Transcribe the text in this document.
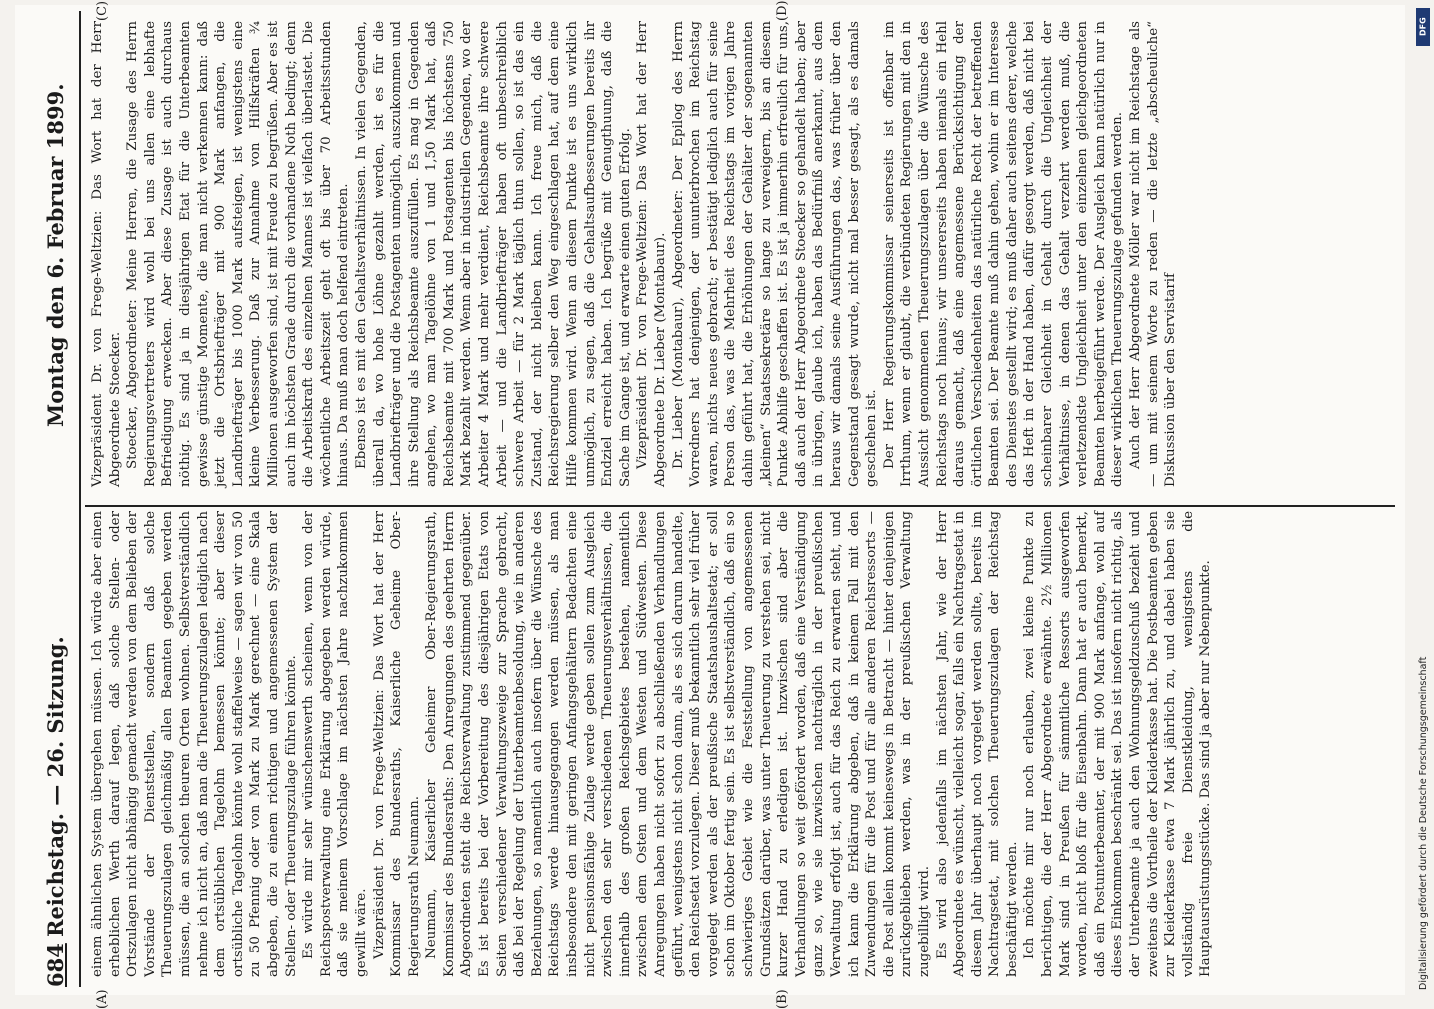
684
Reichstag. — 26. Sitzung.
Montag den 6. Februar 1899.
(A)	(B)
(C)	(D)

einem ähnlichen System übergehen müssen. Ich würde aber einen erheblichen Werth darauf legen, daß solche Stellen- oder Ortszulagen nicht abhängig gemacht werden von dem Belieben der Vorstände der Dienststellen, sondern daß solche Theuerungszulagen gleichmäßig allen Beamten gegeben werden müssen, die an solchen theuren Orten wohnen. Selbstverständlich nehme ich nicht an, daß man die Theuerungszulagen lediglich nach dem ortsüblichen Tagelohn bemessen könnte; aber dieser ortsübliche Tagelohn könnte wohl staffelweise — sagen wir von 50 zu 50 Pfennig oder von Mark zu Mark gerechnet — eine Skala abgeben, die zu einem richtigen und angemessenen System der Stellen- oder Theuerungszulage führen könnte. Es würde mir sehr wünschenswerth scheinen, wenn von der Reichspostverwaltung eine Erklärung abgegeben werden würde, daß sie meinem Vorschlage im nächsten Jahre nachzukommen gewillt wäre. Vizepräsident Dr. von Frege-Weltzien: Das Wort hat der Herr Kommissar des Bundesraths, Kaiserliche Geheime Ober-Regierungsrath Neumann. Neumann, Kaiserlicher Geheimer Ober-Regierungsrath, Kommissar des Bundesraths: Den Anregungen des geehrten Herrn Abgeordneten steht die Reichsverwaltung zustimmend gegenüber. Es ist bereits bei der Vorbereitung des diesjährigen Etats von Seiten verschiedener Verwaltungszweige zur Sprache gebracht, daß bei der Regelung der Unterbeamtenbesoldung, wie in anderen Beziehungen, so namentlich auch insofern über die Wünsche des Reichstags werde hinausgegangen werden müssen, als man insbesondere den mit geringen Anfangsgehältern Bedachten eine nicht pensionsfähige Zulage werde geben sollen zum Ausgleich zwischen den sehr verschiedenen Theuerungsverhältnissen, die innerhalb des großen Reichsgebietes bestehen, namentlich zwischen dem Osten und dem Westen und Südwesten. Diese Anregungen haben nicht sofort zu abschließenden Verhandlungen geführt, wenigstens nicht schon dann, als es sich darum handelte, den Reichsetat vorzulegen. Dieser muß bekanntlich sehr viel früher vorgelegt werden als der preußische Staatshaushaltsetat; er soll schon im Oktober fertig sein. Es ist selbstverständlich, daß ein so schwieriges Gebiet wie die Feststellung von angemessenen Grundsätzen darüber, was unter Theuerung zu verstehen sei, nicht kurzer Hand zu erledigen ist. Inzwischen sind aber die Verhandlungen so weit gefördert worden, daß eine Verständigung ganz so, wie sie inzwischen nachträglich in der preußischen Verwaltung erfolgt ist, auch für das Reich zu erwarten steht, und ich kann die Erklärung abgeben, daß in keinem Fall mit den Zuwendungen für die Post und für alle anderen Reichsressorts — die Post allein kommt keineswegs in Betracht — hinter denjenigen zurückgeblieben werden, was in der preußischen Verwaltung zugebilligt wird. Es wird also jedenfalls im nächsten Jahr, wie der Herr Abgeordnete es wünscht, vielleicht sogar, falls ein Nachtragsetat in diesem Jahr überhaupt noch vorgelegt werden sollte, bereits im Nachtragsetat, mit solchen Theuerungszulagen der Reichstag beschäftigt werden. Ich möchte mir nur noch erlauben, zwei kleine Punkte zu berichtigen, die der Herr Abgeordnete erwähnte. 2½ Millionen Mark sind in Preußen für sämmtliche Ressorts ausgeworfen worden, nicht bloß für die Eisenbahn. Dann hat er auch bemerkt, daß ein Postunterbeamter, der mit 900 Mark anfange, wohl auf dieses Einkommen beschränkt sei. Das ist insofern nicht richtig, als der Unterbeamte ja auch den Wohnungsgeldzuschuß bezieht und zweitens die Vortheile der Kleiderkasse hat. Die Postbeamten geben zur Kleiderkasse etwa 7 Mark jährlich zu, und dabei haben sie vollständig freie Dienstkleidung, wenigstens die Hauptausrüstungsstücke. Das sind ja aber nur Nebenpunkte.

Vizepräsident Dr. von Frege-Weltzien: Das Wort hat der Herr Abgeordnete Stoecker. Stoecker, Abgeordneter: Meine Herren, die Zusage des Herrn Regierungsvertreters wird wohl bei uns allen eine lebhafte Befriedigung erwecken. Aber diese Zusage ist auch durchaus nöthig. Es sind ja in diesjährigen Etat für die Unterbeamten gewisse günstige Momente, die man nicht verkennen kann: daß jetzt die Ortsbriefträger mit 900 Mark anfangen, die Landbriefträger bis 1000 Mark aufsteigen, ist wenigstens eine kleine Verbesserung. Daß zur Annahme von Hilfskräften ¾ Millionen ausgeworfen sind, ist mit Freude zu begrüßen. Aber es ist auch im höchsten Grade durch die vorhandene Noth bedingt; denn die Arbeitskraft des einzelnen Mannes ist vielfach überlastet. Die wöchentliche Arbeitszeit geht oft bis über 70 Arbeitsstunden hinaus. Da muß man doch helfend eintreten. Ebenso ist es mit den Gehaltsverhältnissen. In vielen Gegenden, überall da, wo hohe Löhne gezahlt werden, ist es für die Landbriefträger und die Postagenten unmöglich, auszukommen und ihre Stellung als Reichsbeamte auszufüllen. Es mag in Gegenden angehen, wo man Tagelöhne von 1 und 1,50 Mark hat, daß Reichsbeamte mit 700 Mark und Postagenten bis höchstens 750 Mark bezahlt werden. Wenn aber in industriellen Gegenden, wo der Arbeiter 4 Mark und mehr verdient, Reichsbeamte ihre schwere Arbeit — und die Landbriefträger haben oft unbeschreiblich schwere Arbeit — für 2 Mark täglich thun sollen, so ist das ein Zustand, der nicht bleiben kann. Ich freue mich, daß die Reichsregierung selber den Weg eingeschlagen hat, auf dem eine Hilfe kommen wird. Wenn an diesem Punkte ist es uns wirklich unmöglich, zu sagen, daß die Gehaltsaufbesserungen bereits ihr Endziel erreicht haben. Ich begrüße mit Genugthuung, daß die Sache im Gange ist, und erwarte einen guten Erfolg. Vizepräsident Dr. von Frege-Weltzien: Das Wort hat der Herr Abgeordnete Dr. Lieber (Montabaur). Dr. Lieber (Montabaur), Abgeordneter: Der Epilog des Herrn Vorredners hat denjenigen, der ununterbrochen im Reichstag waren, nichts neues gebracht; er bestätigt lediglich auch für seine Person das, was die Mehrheit des Reichstags im vorigen Jahre dahin geführt hat, die Erhöhungen der Gehälter der sogenannten „kleinen“ Staatssekretäre so lange zu verweigern, bis an diesem Punkte Abhilfe geschaffen ist. Es ist ja immerhin erfreulich für uns, daß auch der Herr Abgeordnete Stoecker so gehandelt haben; aber in übrigen, glaube ich, haben das Bedürfniß anerkannt, aus dem heraus wir damals seine Ausführungen das, was früher über den Gegenstand gesagt wurde, nicht mal besser gesagt, als es damals geschehen ist. Der Herr Regierungskommissar seinerseits ist offenbar im Irrthum, wenn er glaubt, die verbündeten Regierungen mit den in Aussicht genommenen Theuerungszulagen über die Wünsche des Reichstags noch hinaus; wir unsererseits haben niemals ein Hehl daraus gemacht, daß eine angemessene Berücksichtigung der örtlichen Verschiedenheiten das natürliche Recht der betreffenden Beamten sei. Der Beamte muß dahin gehen, wohin er im Interesse des Dienstes gestellt wird; es muß daher auch seitens derer, welche das Heft in der Hand haben, dafür gesorgt werden, daß nicht bei scheinbarer Gleichheit in Gehalt durch die Ungleichheit der Verhältnisse, in denen das Gehalt verzehrt werden muß, die verletzendste Ungleichheit unter den einzelnen gleichgeordneten Beamten herbeigeführt werde. Der Ausgleich kann natürlich nur in dieser wirklichen Theuerungszulage gefunden werden. Auch der Herr Abgeordnete Möller war nicht im Reichstage als — um mit seinem Worte zu reden — die letzte „abscheuliche“ Diskussion über den Servistarif

DFG
Digitalisierung gefördert durch die Deutsche Forschungsgemeinschaft
